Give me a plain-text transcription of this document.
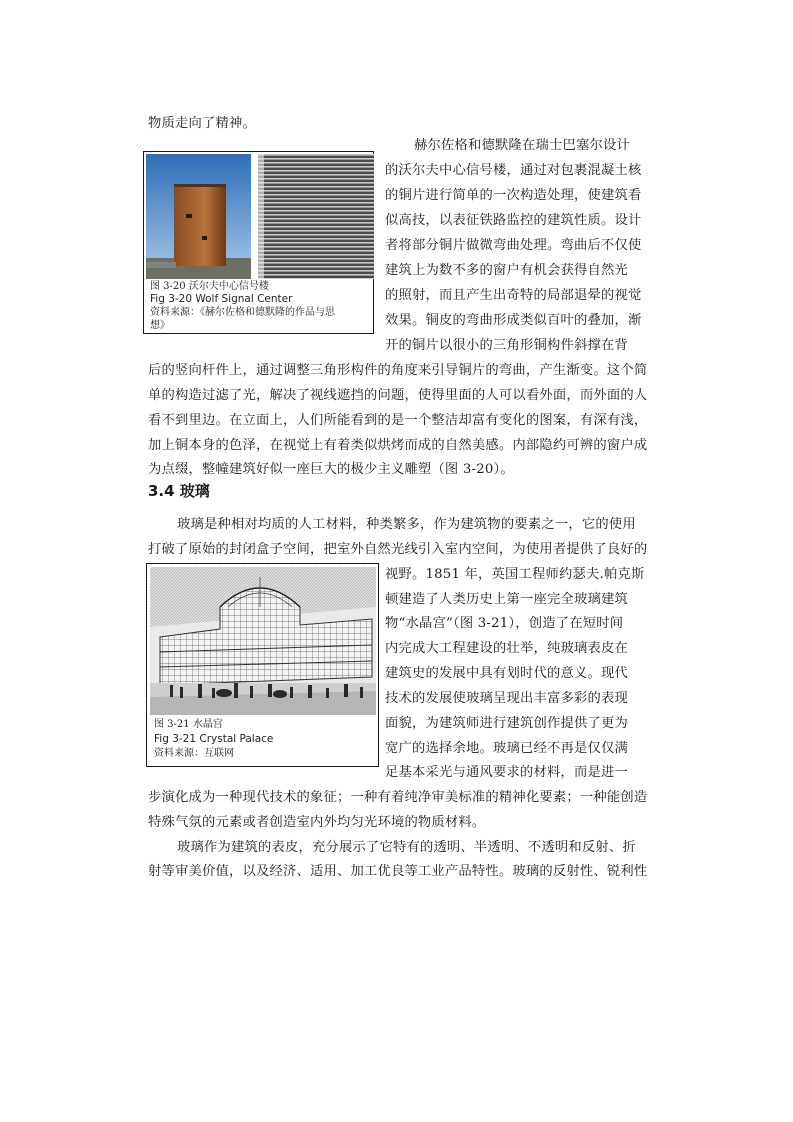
物质走向了精神。
图 3-20 沃尔夫中心信号楼
Fig 3-20 Wolf Signal Center
资料来源：《赫尔佐格和德默隆的作品与思
想》
赫尔佐格和德默隆在瑞士巴塞尔设计
的沃尔夫中心信号楼，通过对包裹混凝土核
的铜片进行简单的一次构造处理，使建筑看
似高技，以表征铁路监控的建筑性质。设计
者将部分铜片做微弯曲处理。弯曲后不仅使
建筑上为数不多的窗户有机会获得自然光
的照射，而且产生出奇特的局部退晕的视觉
效果。铜皮的弯曲形成类似百叶的叠加，渐
开的铜片以很小的三角形铜构件斜撑在背
后的竖向杆件上，通过调整三角形构件的角度来引导铜片的弯曲，产生渐变。这个简
单的构造过滤了光，解决了视线遮挡的问题，使得里面的人可以看外面，而外面的人
看不到里边。在立面上，人们所能看到的是一个整洁却富有变化的图案，有深有浅，
加上铜本身的色泽，在视觉上有着类似烘烤而成的自然美感。内部隐约可辨的窗户成
为点缀，整幢建筑好似一座巨大的极少主义雕塑（图 3-20）。
3.4 玻璃
玻璃是种相对均质的人工材料，种类繁多，作为建筑物的要素之一，它的使用
打破了原始的封闭盒子空间，把室外自然光线引入室内空间，为使用者提供了良好的
图 3-21 水晶宫
Fig 3-21 Crystal Palace
资料来源：互联网
视野。1851 年，英国工程师约瑟夫.帕克斯
顿建造了人类历史上第一座完全玻璃建筑
物“水晶宫”（图 3-21），创造了在短时间
内完成大工程建设的壮举，纯玻璃表皮在
建筑史的发展中具有划时代的意义。现代
技术的发展使玻璃呈现出丰富多彩的表现
面貌，为建筑师进行建筑创作提供了更为
宽广的选择余地。玻璃已经不再是仅仅满
足基本采光与通风要求的材料，而是进一
步演化成为一种现代技术的象征；一种有着纯净审美标准的精神化要素；一种能创造
特殊气氛的元素或者创造室内外均匀光环境的物质材料。
玻璃作为建筑的表皮，充分展示了它特有的透明、半透明、不透明和反射、折
射等审美价值，以及经济、适用、加工优良等工业产品特性。玻璃的反射性、锐利性
